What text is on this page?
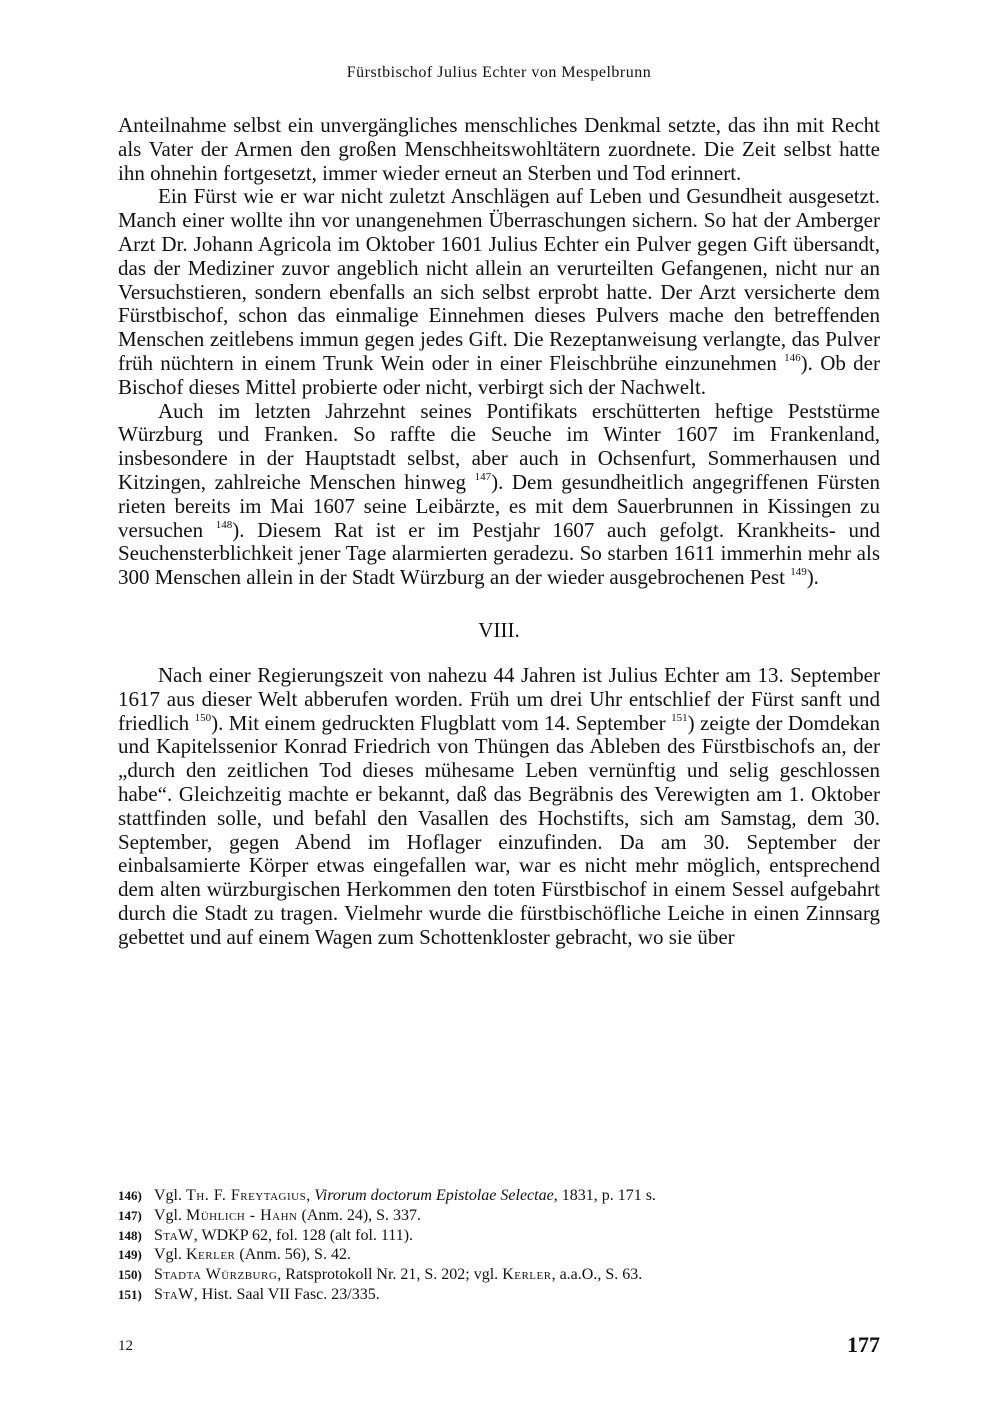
Fürstbischof Julius Echter von Mespelbrunn

Anteilnahme selbst ein unvergängliches menschliches Denkmal setzte, das ihn mit Recht als Vater der Armen den großen Menschheitswohltätern zuordnete. Die Zeit selbst hatte ihn ohnehin fortgesetzt, immer wieder erneut an Sterben und Tod erinnert.

Ein Fürst wie er war nicht zuletzt Anschlägen auf Leben und Gesundheit ausgesetzt. Manch einer wollte ihn vor unangenehmen Überraschungen sichern. So hat der Amberger Arzt Dr. Johann Agricola im Oktober 1601 Julius Echter ein Pulver gegen Gift übersandt, das der Mediziner zuvor angeblich nicht allein an verurteilten Gefangenen, nicht nur an Versuchstieren, sondern ebenfalls an sich selbst erprobt hatte. Der Arzt versicherte dem Fürstbischof, schon das einmalige Einnehmen dieses Pulvers mache den betreffenden Menschen zeitlebens immun gegen jedes Gift. Die Rezeptanweisung verlangte, das Pulver früh nüchtern in einem Trunk Wein oder in einer Fleischbrühe einzunehmen $^{146}$). Ob der Bischof dieses Mittel probierte oder nicht, verbirgt sich der Nachwelt.

Auch im letzten Jahrzehnt seines Pontifikats erschütterten heftige Peststürme Würzburg und Franken. So raffte die Seuche im Winter 1607 im Frankenland, insbesondere in der Hauptstadt selbst, aber auch in Ochsenfurt, Sommerhausen und Kitzingen, zahlreiche Menschen hinweg $^{147}$). Dem gesundheitlich angegriffenen Fürsten rieten bereits im Mai 1607 seine Leibärzte, es mit dem Sauerbrunnen in Kissingen zu versuchen $^{148}$). Diesem Rat ist er im Pestjahr 1607 auch gefolgt. Krankheits- und Seuchensterblichkeit jener Tage alarmierten geradezu. So starben 1611 immerhin mehr als 300 Menschen allein in der Stadt Würzburg an der wieder ausgebrochenen Pest $^{149}$).

VIII.

Nach einer Regierungszeit von nahezu 44 Jahren ist Julius Echter am 13. September 1617 aus dieser Welt abberufen worden. Früh um drei Uhr entschlief der Fürst sanft und friedlich $^{150}$). Mit einem gedruckten Flugblatt vom 14. September $^{151}$) zeigte der Domdekan und Kapitelssenior Konrad Friedrich von Thüngen das Ableben des Fürstbischofs an, der „durch den zeitlichen Tod dieses mühesame Leben vernünftig und selig geschlossen habe“. Gleichzeitig machte er bekannt, daß das Begräbnis des Verewigten am 1. Oktober stattfinden solle, und befahl den Vasallen des Hochstifts, sich am Samstag, dem 30. September, gegen Abend im Hoflager einzufinden. Da am 30. September der einbalsamierte Körper etwas eingefallen war, war es nicht mehr möglich, entsprechend dem alten würzburgischen Herkommen den toten Fürstbischof in einem Sessel aufgebahrt durch die Stadt zu tragen. Vielmehr wurde die fürstbischöfliche Leiche in einen Zinnsarg gebettet und auf einem Wagen zum Schottenkloster gebracht, wo sie über

146) Vgl. Th. F. Freytagius, Virorum doctorum Epistolae Selectae, 1831, p. 171 s.
147) Vgl. Mühlich - Hahn (Anm. 24), S. 337.
148) StaW, WDKP 62, fol. 128 (alt fol. 111).
149) Vgl. Kerler (Anm. 56), S. 42.
150) Stadta Würzburg, Ratsprotokoll Nr. 21, S. 202; vgl. Kerler, a.a.O., S. 63.
151) StaW, Hist. Saal VII Fasc. 23/335.
12	177
